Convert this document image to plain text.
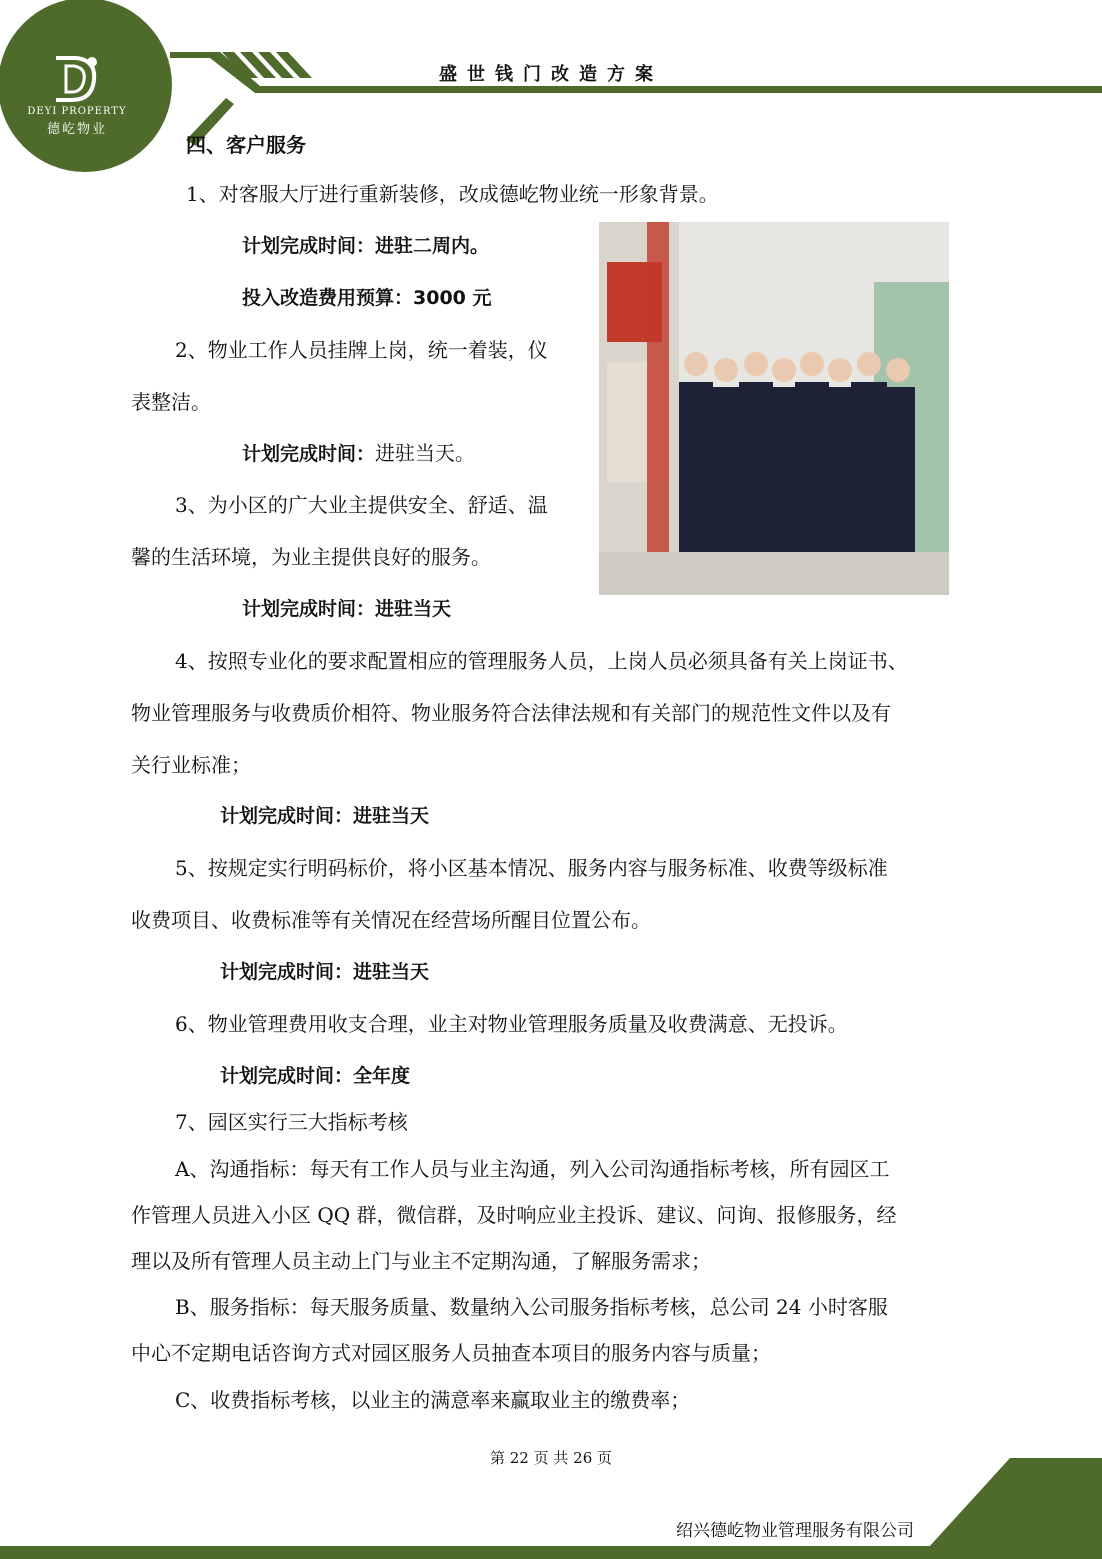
DEYI PROPERTY
德屹物业
盛世钱门改造方案
四、客户服务
1、对客服大厅进行重新装修，改成德屹物业统一形象背景。
计划完成时间：进驻二周内。
投入改造费用预算：3000 元
2、物业工作人员挂牌上岗，统一着装，仪
表整洁。
计划完成时间：进驻当天。
3、为小区的广大业主提供安全、舒适、温
馨的生活环境，为业主提供良好的服务。
计划完成时间：进驻当天
4、按照专业化的要求配置相应的管理服务人员，上岗人员必须具备有关上岗证书、
物业管理服务与收费质价相符、物业服务符合法律法规和有关部门的规范性文件以及有
关行业标准；
计划完成时间：进驻当天
5、按规定实行明码标价，将小区基本情况、服务内容与服务标准、收费等级标准
收费项目、收费标准等有关情况在经营场所醒目位置公布。
计划完成时间：进驻当天
6、物业管理费用收支合理，业主对物业管理服务质量及收费满意、无投诉。
计划完成时间：全年度
7、园区实行三大指标考核
A、沟通指标：每天有工作人员与业主沟通，列入公司沟通指标考核，所有园区工
作管理人员进入小区 QQ 群，微信群，及时响应业主投诉、建议、问询、报修服务，经
理以及所有管理人员主动上门与业主不定期沟通，了解服务需求；
B、服务指标：每天服务质量、数量纳入公司服务指标考核，总公司 24 小时客服
中心不定期电话咨询方式对园区服务人员抽查本项目的服务内容与质量；
C、收费指标考核，以业主的满意率来赢取业主的缴费率；
第 22 页 共 26 页
绍兴德屹物业管理服务有限公司
